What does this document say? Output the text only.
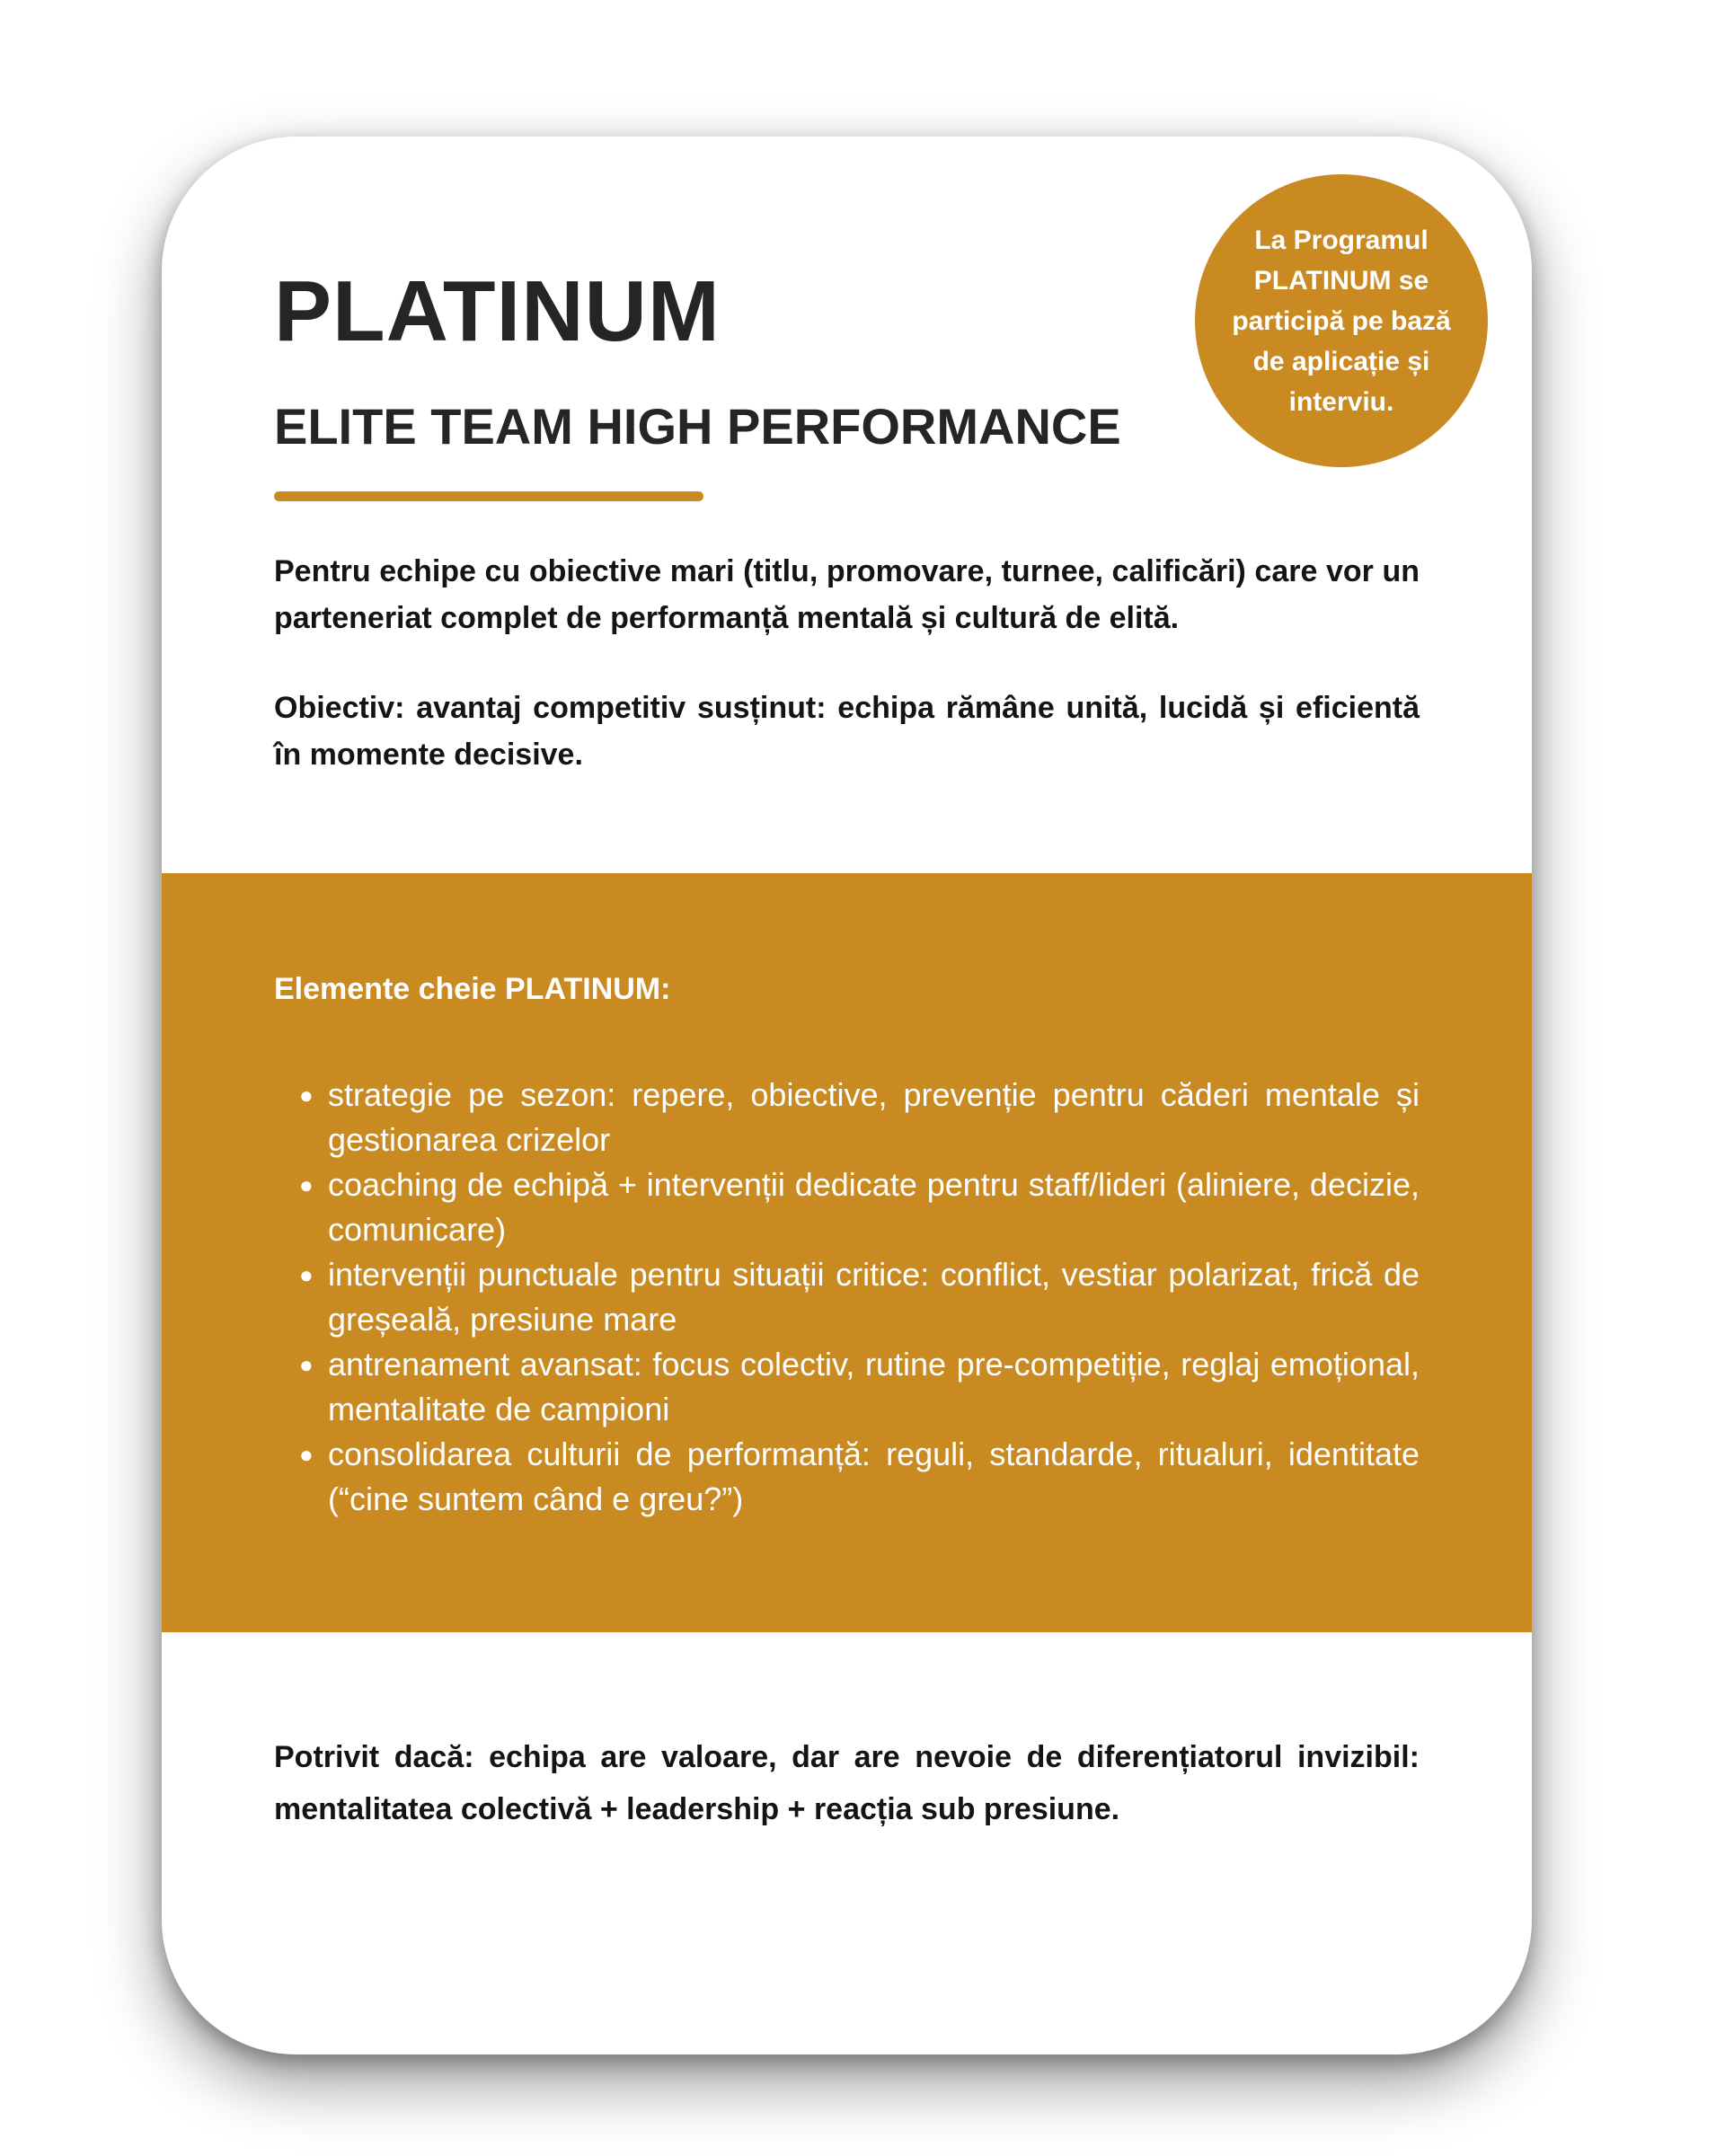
PLATINUM
ELITE TEAM HIGH PERFORMANCE
La Programul PLATINUM se participă pe bază de aplicație și interviu.

Pentru echipe cu obiective mari (titlu, promovare, turnee, calificări) care vor un parteneriat complet de performanță mentală și cultură de elită.

Obiectiv: avantaj competitiv susținut: echipa rămâne unită, lucidă și eficientă în momente decisive.

Elemente cheie PLATINUM:
● strategie pe sezon: repere, obiective, prevenție pentru căderi mentale și gestionarea crizelor
● coaching de echipă + intervenții dedicate pentru staff/lideri (aliniere, decizie, comunicare)
● intervenții punctuale pentru situații critice: conflict, vestiar polarizat, frică de greșeală, presiune mare
● antrenament avansat: focus colectiv, rutine pre-competiție, reglaj emoțional, mentalitate de campioni
● consolidarea culturii de performanță: reguli, standarde, ritualuri, identitate (“cine suntem când e greu?”)

Potrivit dacă: echipa are valoare, dar are nevoie de diferențiatorul invizibil: mentalitatea colectivă + leadership + reacția sub presiune.
